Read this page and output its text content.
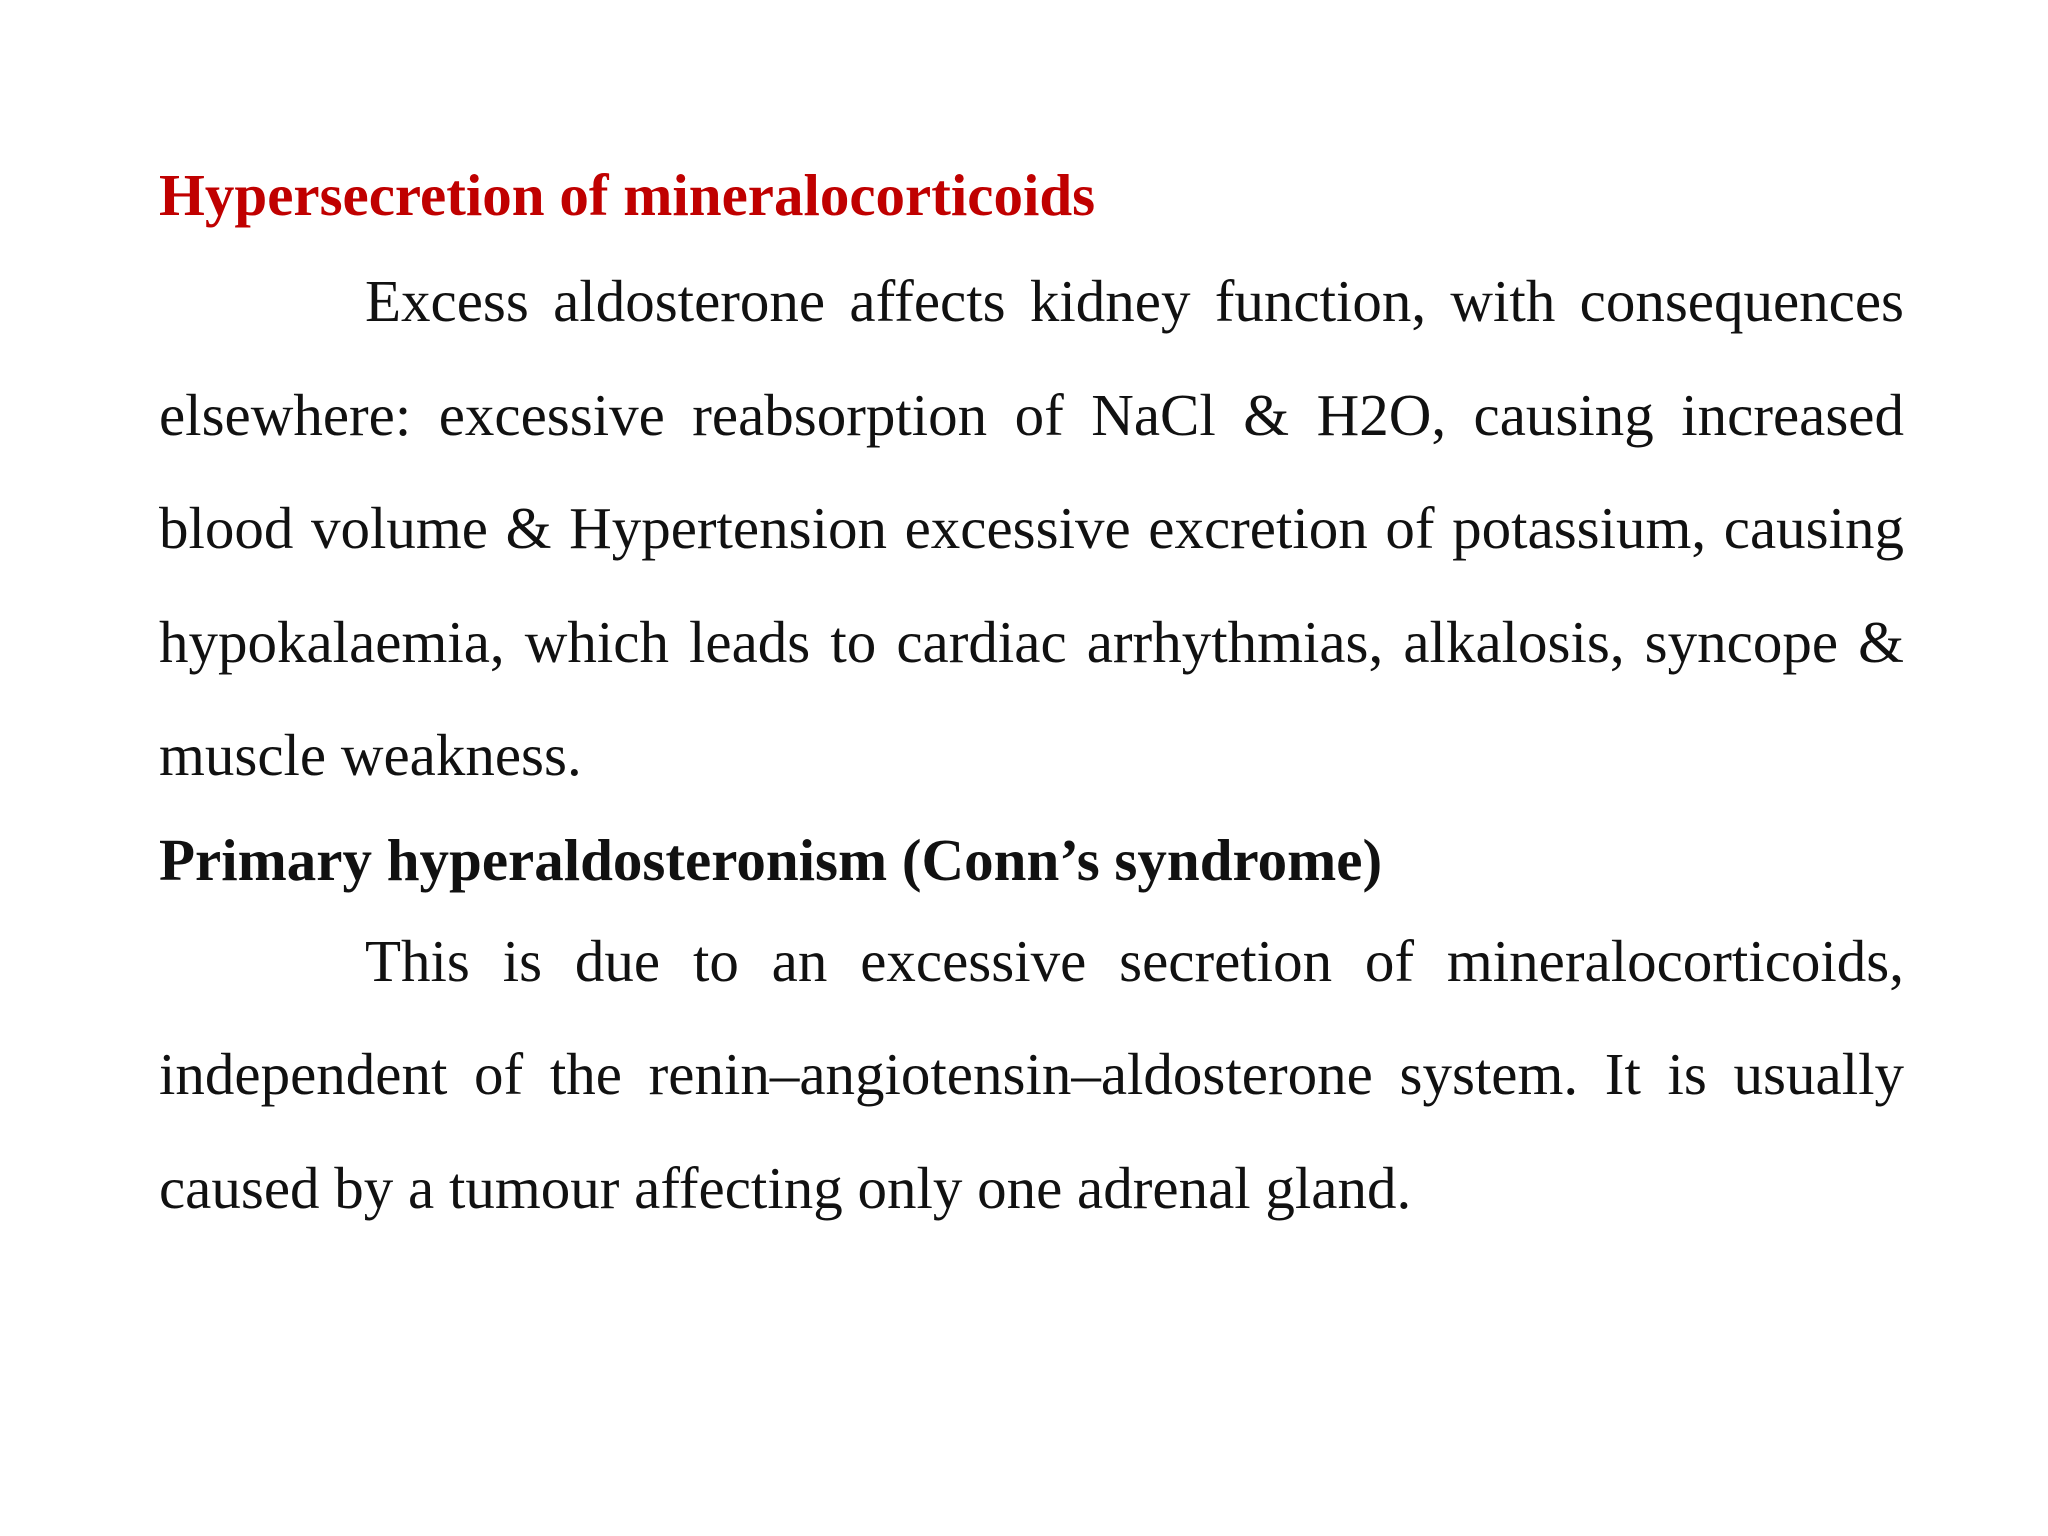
Hypersecretion of mineralocorticoids

Excess aldosterone affects kidney function, with consequences elsewhere: excessive reabsorption of NaCl & H2O, causing increased blood volume & Hypertension excessive excretion of potassium, causing hypokalaemia, which leads to cardiac arrhythmias, alkalosis, syncope & muscle weakness.

Primary hyperaldosteronism (Conn’s syndrome)

This is due to an excessive secretion of mineralocorticoids, independent of the renin–angiotensin–aldosterone system. It is usually caused by a tumour affecting only one adrenal gland.
